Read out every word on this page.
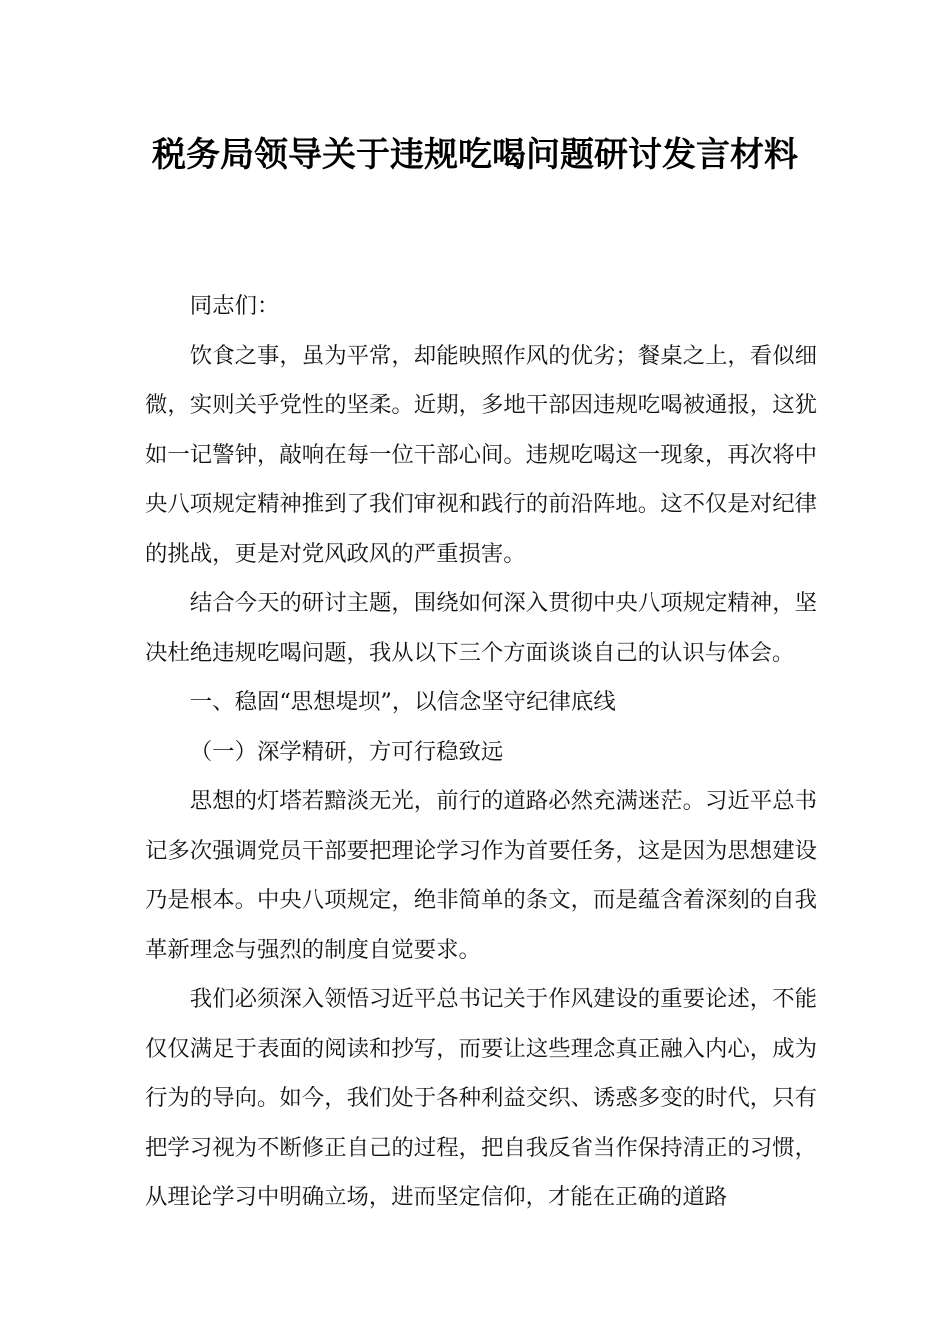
税务局领导关于违规吃喝问题研讨发言材料

同志们：

饮食之事，虽为平常，却能映照作风的优劣；餐桌之上，看似细微，实则关乎党性的坚柔。近期，多地干部因违规吃喝被通报，这犹如一记警钟，敲响在每一位干部心间。违规吃喝这一现象，再次将中央八项规定精神推到了我们审视和践行的前沿阵地。这不仅是对纪律的挑战，更是对党风政风的严重损害。

结合今天的研讨主题，围绕如何深入贯彻中央八项规定精神，坚决杜绝违规吃喝问题，我从以下三个方面谈谈自己的认识与体会。

一、稳固“思想堤坝”，以信念坚守纪律底线

（一）深学精研，方可行稳致远

思想的灯塔若黯淡无光，前行的道路必然充满迷茫。习近平总书记多次强调党员干部要把理论学习作为首要任务，这是因为思想建设乃是根本。中央八项规定，绝非简单的条文，而是蕴含着深刻的自我革新理念与强烈的制度自觉要求。

我们必须深入领悟习近平总书记关于作风建设的重要论述，不能仅仅满足于表面的阅读和抄写，而要让这些理念真正融入内心，成为行为的导向。如今，我们处于各种利益交织、诱惑多变的时代，只有把学习视为不断修正自己的过程，把自我反省当作保持清正的习惯，从理论学习中明确立场，进而坚定信仰，才能在正确的道路
